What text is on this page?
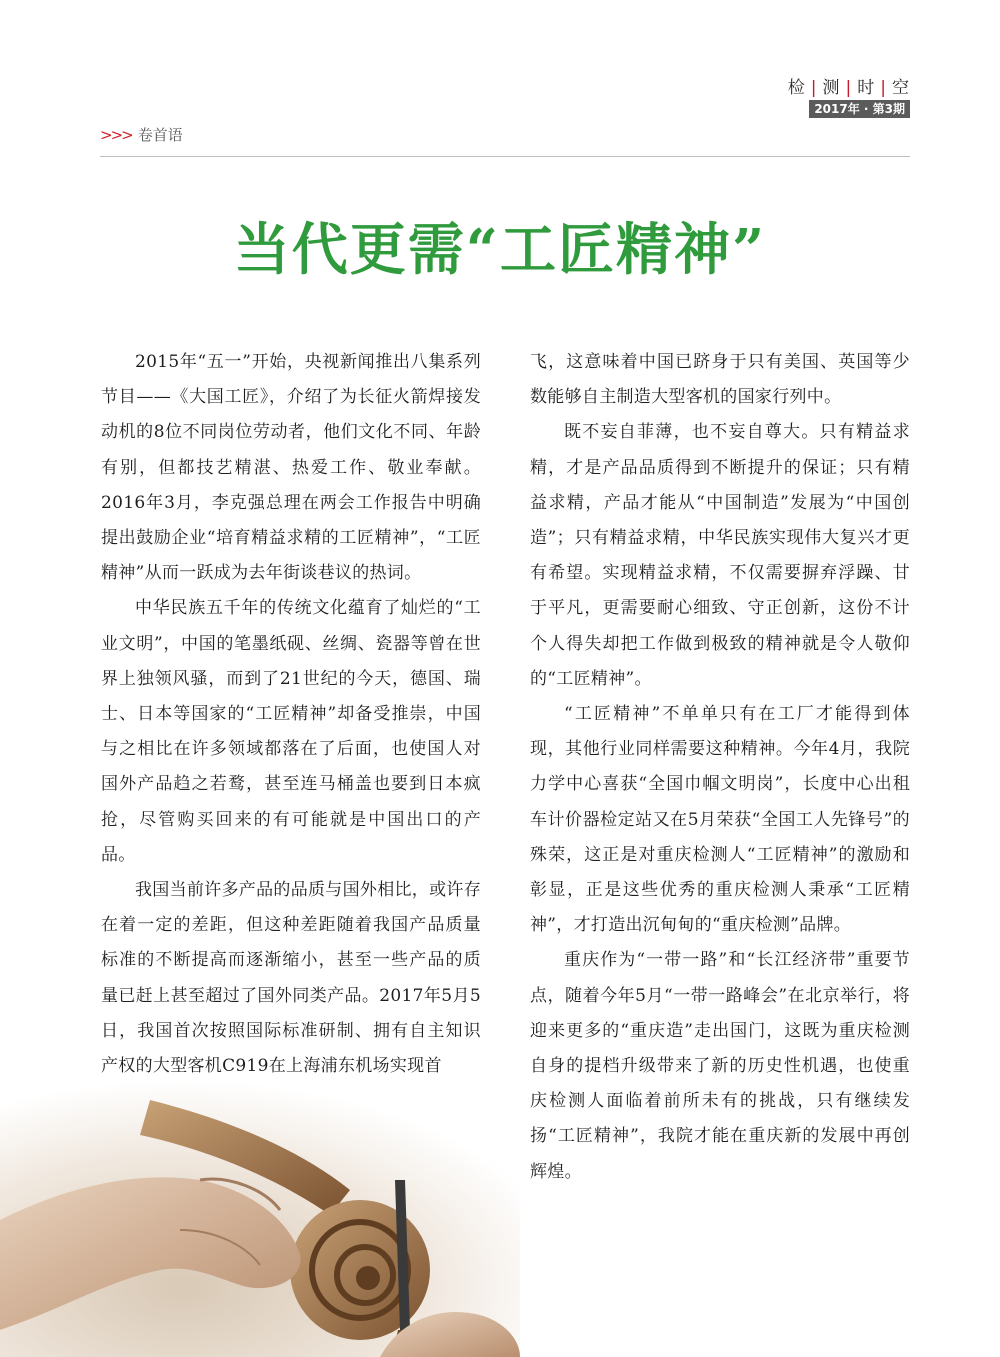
检 | 测 | 时 | 空
2017年 · 第3期
>>> 卷首语
当代更需“工匠精神”

2015年“五一”开始，央视新闻推出八集系列节目——《大国工匠》，介绍了为长征火箭焊接发动机的8位不同岗位劳动者，他们文化不同、年龄有别，但都技艺精湛、热爱工作、敬业奉献。2016年3月，李克强总理在两会工作报告中明确提出鼓励企业“培育精益求精的工匠精神”，“工匠精神”从而一跃成为去年街谈巷议的热词。

中华民族五千年的传统文化蕴育了灿烂的“工业文明”，中国的笔墨纸砚、丝绸、瓷器等曾在世界上独领风骚，而到了21世纪的今天，德国、瑞士、日本等国家的“工匠精神”却备受推崇，中国与之相比在许多领域都落在了后面，也使国人对国外产品趋之若鹜，甚至连马桶盖也要到日本疯抢，尽管购买回来的有可能就是中国出口的产品。

我国当前许多产品的品质与国外相比，或许存在着一定的差距，但这种差距随着我国产品质量标准的不断提高而逐渐缩小，甚至一些产品的质量已赶上甚至超过了国外同类产品。2017年5月5日，我国首次按照国际标准研制、拥有自主知识产权的大型客机C919在上海浦东机场实现首

飞，这意味着中国已跻身于只有美国、英国等少数能够自主制造大型客机的国家行列中。

既不妄自菲薄，也不妄自尊大。只有精益求精，才是产品品质得到不断提升的保证；只有精益求精，产品才能从“中国制造”发展为“中国创造”；只有精益求精，中华民族实现伟大复兴才更有希望。实现精益求精，不仅需要摒弃浮躁、甘于平凡，更需要耐心细致、守正创新，这份不计个人得失却把工作做到极致的精神就是令人敬仰的“工匠精神”。

“工匠精神”不单单只有在工厂才能得到体现，其他行业同样需要这种精神。今年4月，我院力学中心喜获“全国巾帼文明岗”，长度中心出租车计价器检定站又在5月荣获“全国工人先锋号”的殊荣，这正是对重庆检测人“工匠精神”的激励和彰显，正是这些优秀的重庆检测人秉承“工匠精神”，才打造出沉甸甸的“重庆检测”品牌。

重庆作为“一带一路”和“长江经济带”重要节点，随着今年5月“一带一路峰会”在北京举行，将迎来更多的“重庆造”走出国门，这既为重庆检测自身的提档升级带来了新的历史性机遇，也使重庆检测人面临着前所未有的挑战，只有继续发扬“工匠精神”，我院才能在重庆新的发展中再创辉煌。
